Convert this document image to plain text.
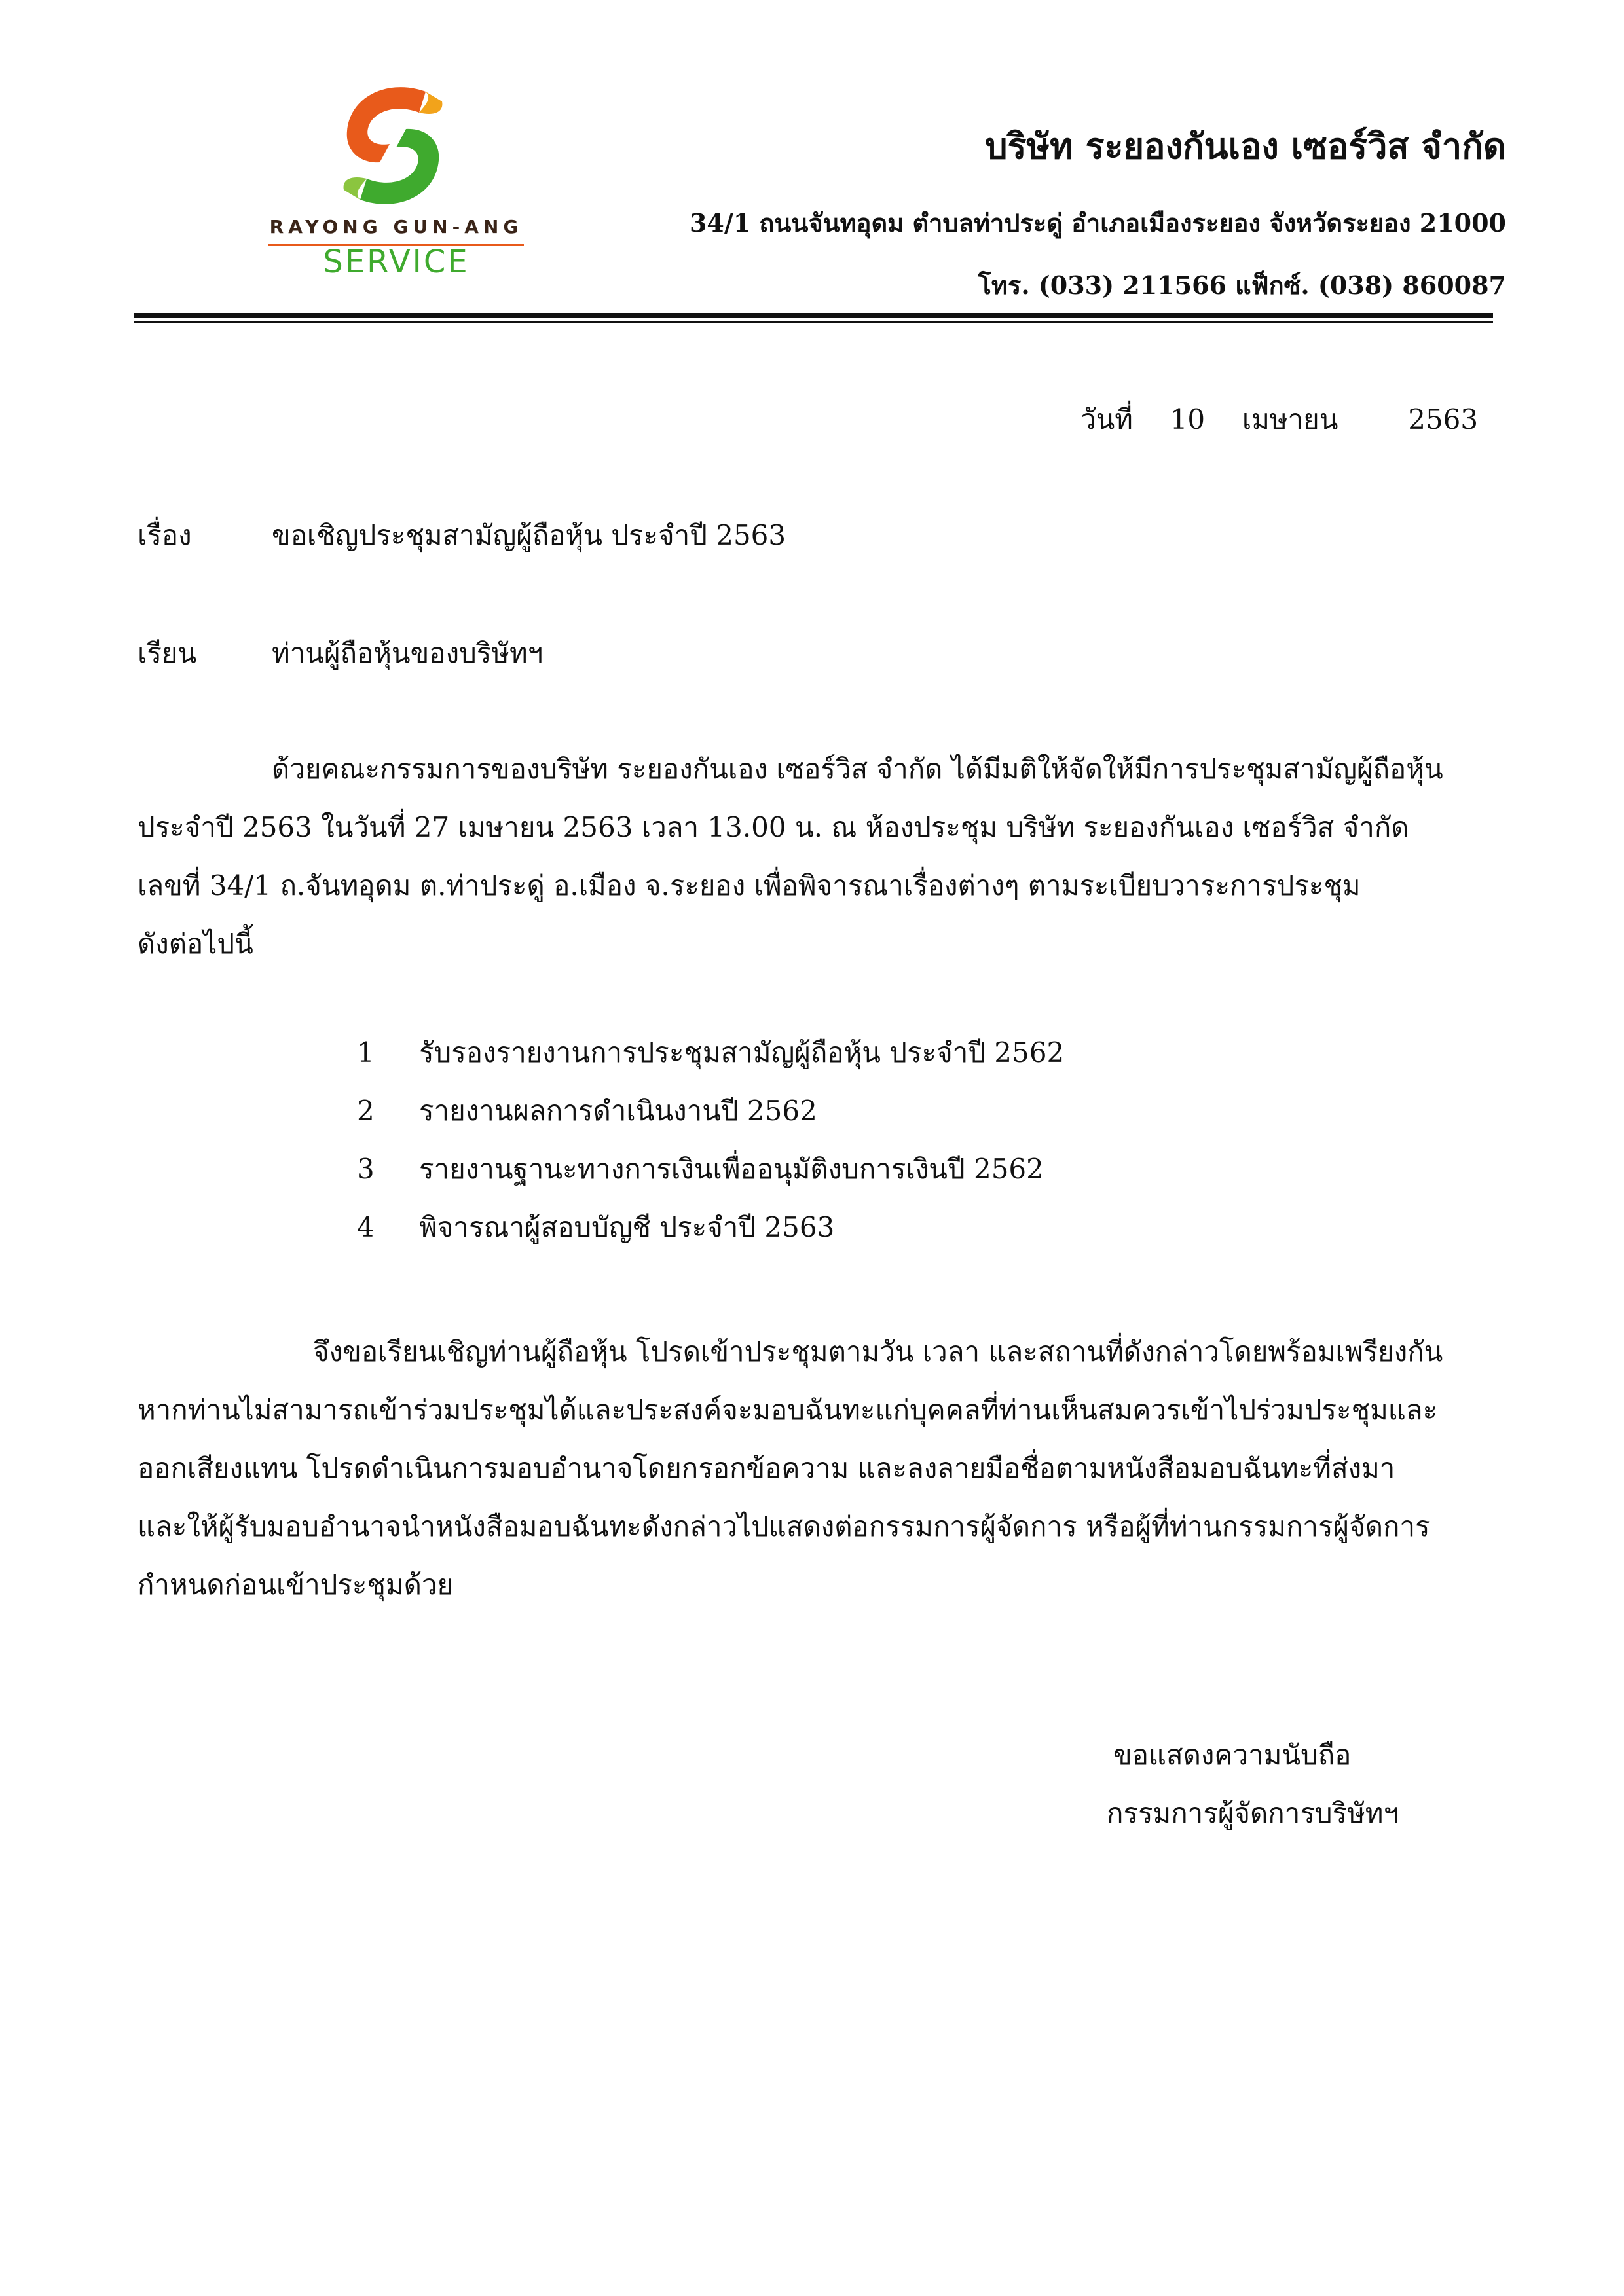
RAYONG GUN-ANG
SERVICE
บริษัท ระยองกันเอง เซอร์วิส จำกัด
34/1 ถนนจันทอุดม ตำบลท่าประดู่ อำเภอเมืองระยอง จังหวัดระยอง 21000
โทร. (033) 211566 แฟ็กซ์. (038) 860087
วันที่ 10 เมษายน	2563
เรื่อง	ขอเชิญประชุมสามัญผู้ถือหุ้น ประจำปี 2563
เรียน	ท่านผู้ถือหุ้นของบริษัทฯ
ด้วยคณะกรรมการของบริษัท ระยองกันเอง เซอร์วิส จำกัด ได้มีมติให้จัดให้มีการประชุมสามัญผู้ถือหุ้น
ประจำปี 2563 ในวันที่ 27 เมษายน 2563 เวลา 13.00 น. ณ ห้องประชุม บริษัท ระยองกันเอง เซอร์วิส จำกัด
เลขที่ 34/1 ถ.จันทอุดม ต.ท่าประดู่ อ.เมือง จ.ระยอง เพื่อพิจารณาเรื่องต่างๆ ตามระเบียบวาระการประชุม
ดังต่อไปนี้
1 รับรองรายงานการประชุมสามัญผู้ถือหุ้น ประจำปี 2562
2 รายงานผลการดำเนินงานปี 2562
3 รายงานฐานะทางการเงินเพื่ออนุมัติงบการเงินปี 2562
4 พิจารณาผู้สอบบัญชี ประจำปี 2563
จึงขอเรียนเชิญท่านผู้ถือหุ้น โปรดเข้าประชุมตามวัน เวลา และสถานที่ดังกล่าวโดยพร้อมเพรียงกัน
หากท่านไม่สามารถเข้าร่วมประชุมได้และประสงค์จะมอบฉันทะแก่บุคคลที่ท่านเห็นสมควรเข้าไปร่วมประชุมและ
ออกเสียงแทน โปรดดำเนินการมอบอำนาจโดยกรอกข้อความ และลงลายมือชื่อตามหนังสือมอบฉันทะที่ส่งมา
และให้ผู้รับมอบอำนาจนำหนังสือมอบฉันทะดังกล่าวไปแสดงต่อกรรมการผู้จัดการ หรือผู้ที่ท่านกรรมการผู้จัดการ
กำหนดก่อนเข้าประชุมด้วย
ขอแสดงความนับถือ
กรรมการผู้จัดการบริษัทฯ
